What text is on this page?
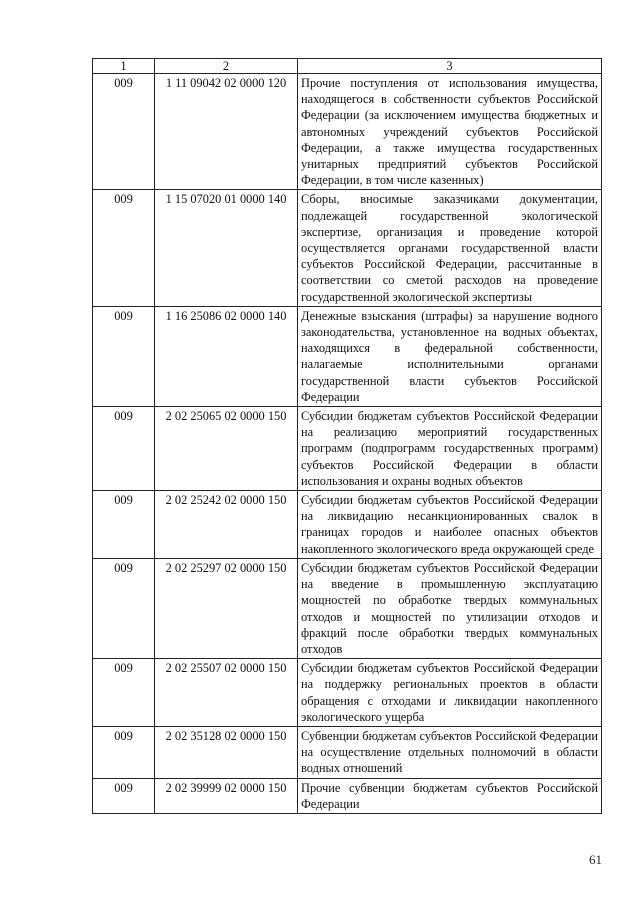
1	2	3
009	1 11 09042 02 0000 120	Прочие поступления от использования имущества, находящегося в собственности субъектов Российской Федерации (за исключением имущества бюджетных и автономных учреждений субъектов Российской Федерации, а также имущества государственных унитарных предприятий субъектов Российской Федерации, в том числе казенных)
009	1 15 07020 01 0000 140	Сборы, вносимые заказчиками документации, подлежащей государственной экологической экспертизе, организация и проведение которой осуществляется органами государственной власти субъектов Российской Федерации, рассчитанные в соответствии со сметой расходов на проведение государственной экологической экспертизы
009	1 16 25086 02 0000 140	Денежные взыскания (штрафы) за нарушение водного законодательства, установленное на водных объектах, находящихся в федеральной собственности, налагаемые исполнительными органами государственной власти субъектов Российской Федерации
009	2 02 25065 02 0000 150	Субсидии бюджетам субъектов Российской Федерации на реализацию мероприятий государственных программ (подпрограмм государственных программ) субъектов Российской Федерации в области использования и охраны водных объектов
009	2 02 25242 02 0000 150	Субсидии бюджетам субъектов Российской Федерации на ликвидацию несанкционированных свалок в границах городов и наиболее опасных объектов накопленного экологического вреда окружающей среде
009	2 02 25297 02 0000 150	Субсидии бюджетам субъектов Российской Федерации на введение в промышленную эксплуатацию мощностей по обработке твердых коммунальных отходов и мощностей по утилизации отходов и фракций после обработки твердых коммунальных отходов
009	2 02 25507 02 0000 150	Субсидии бюджетам субъектов Российской Федерации на поддержку региональных проектов в области обращения с отходами и ликвидации накопленного экологического ущерба
009	2 02 35128 02 0000 150	Субвенции бюджетам субъектов Российской Федерации на осуществление отдельных полномочий в области водных отношений
009	2 02 39999 02 0000 150	Прочие субвенции бюджетам субъектов Российской Федерации
61
